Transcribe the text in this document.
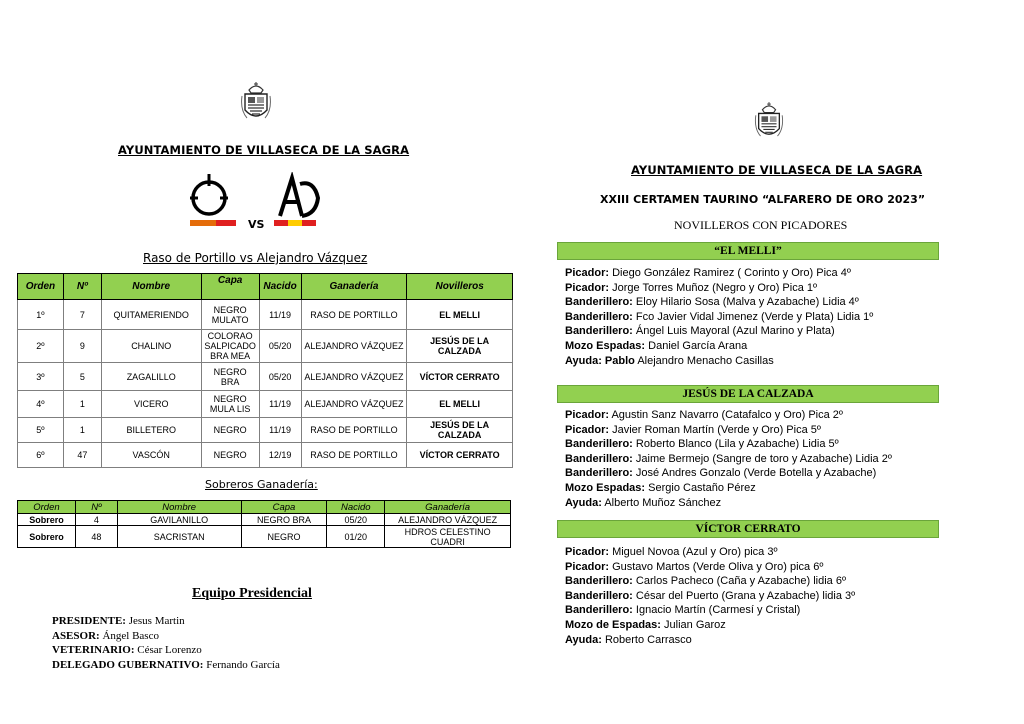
AYUNTAMIENTO DE VILLASECA DE LA SAGRA
VS
Raso de Portillo vs Alejandro Vázquez
Orden	Nº	Nombre	Capa	Nacido	Ganadería	Novilleros
1º	7	QUITAMERIENDO	NEGRO MULATO	11/19	RASO DE PORTILLO	EL MELLI
2º	9	CHALINO	COLORAO SALPICADO BRA MEA	05/20	ALEJANDRO VÁZQUEZ	JESÚS DE LA CALZADA
3º	5	ZAGALILLO	NEGRO BRA	05/20	ALEJANDRO VÁZQUEZ	VÍCTOR CERRATO
4º	1	VICERO	NEGRO MULA LIS	11/19	ALEJANDRO VÁZQUEZ	EL MELLI
5º	1	BILLETERO	NEGRO	11/19	RASO DE PORTILLO	JESÚS DE LA CALZADA
6º	47	VASCÓN	NEGRO	12/19	RASO DE PORTILLO	VÍCTOR CERRATO
Sobreros Ganadería:
Orden	Nº	Nombre	Capa	Nacido	Ganadería
Sobrero	4	GAVILANILLO	NEGRO BRA	05/20	ALEJANDRO VÁZQUEZ
Sobrero	48	SACRISTAN	NEGRO	01/20	HDROS CELESTINO CUADRI
Equipo Presidencial
PRESIDENTE: Jesus Martin
ASESOR: Ángel Basco
VETERINARIO: César Lorenzo
DELEGADO GUBERNATIVO: Fernando García
AYUNTAMIENTO DE VILLASECA DE LA SAGRA
XXIII CERTAMEN TAURINO “ALFARERO DE ORO 2023”
NOVILLEROS CON PICADORES
“EL MELLI”
Picador: Diego González Ramirez ( Corinto y Oro) Pica 4º
Picador: Jorge Torres Muñoz (Negro y Oro) Pica 1º
Banderillero: Eloy Hilario Sosa (Malva y Azabache) Lidia 4º
Banderillero: Fco Javier Vidal Jimenez (Verde y Plata) Lidia 1º
Banderillero: Ángel Luis Mayoral (Azul Marino y Plata)
Mozo Espadas: Daniel García Arana
Ayuda: Pablo Alejandro Menacho Casillas
JESÚS DE LA CALZADA
Picador: Agustin Sanz Navarro (Catafalco y Oro) Pica 2º
Picador: Javier Roman Martín (Verde y Oro) Pica 5º
Banderillero: Roberto Blanco (Lila y Azabache) Lidia 5º
Banderillero: Jaime Bermejo (Sangre de toro y Azabache) Lidia 2º
Banderillero: José Andres Gonzalo (Verde Botella y Azabache)
Mozo Espadas: Sergio Castaño Pérez
Ayuda: Alberto Muñoz Sánchez
VÍCTOR CERRATO
Picador: Miguel Novoa (Azul y Oro) pica 3º
Picador: Gustavo Martos (Verde Oliva y Oro) pica 6º
Banderillero: Carlos Pacheco (Caña y Azabache) lidia 6º
Banderillero: César del Puerto (Grana y Azabache) lidia 3º
Banderillero: Ignacio Martín (Carmesí y Cristal)
Mozo de Espadas: Julian Garoz
Ayuda: Roberto Carrasco
